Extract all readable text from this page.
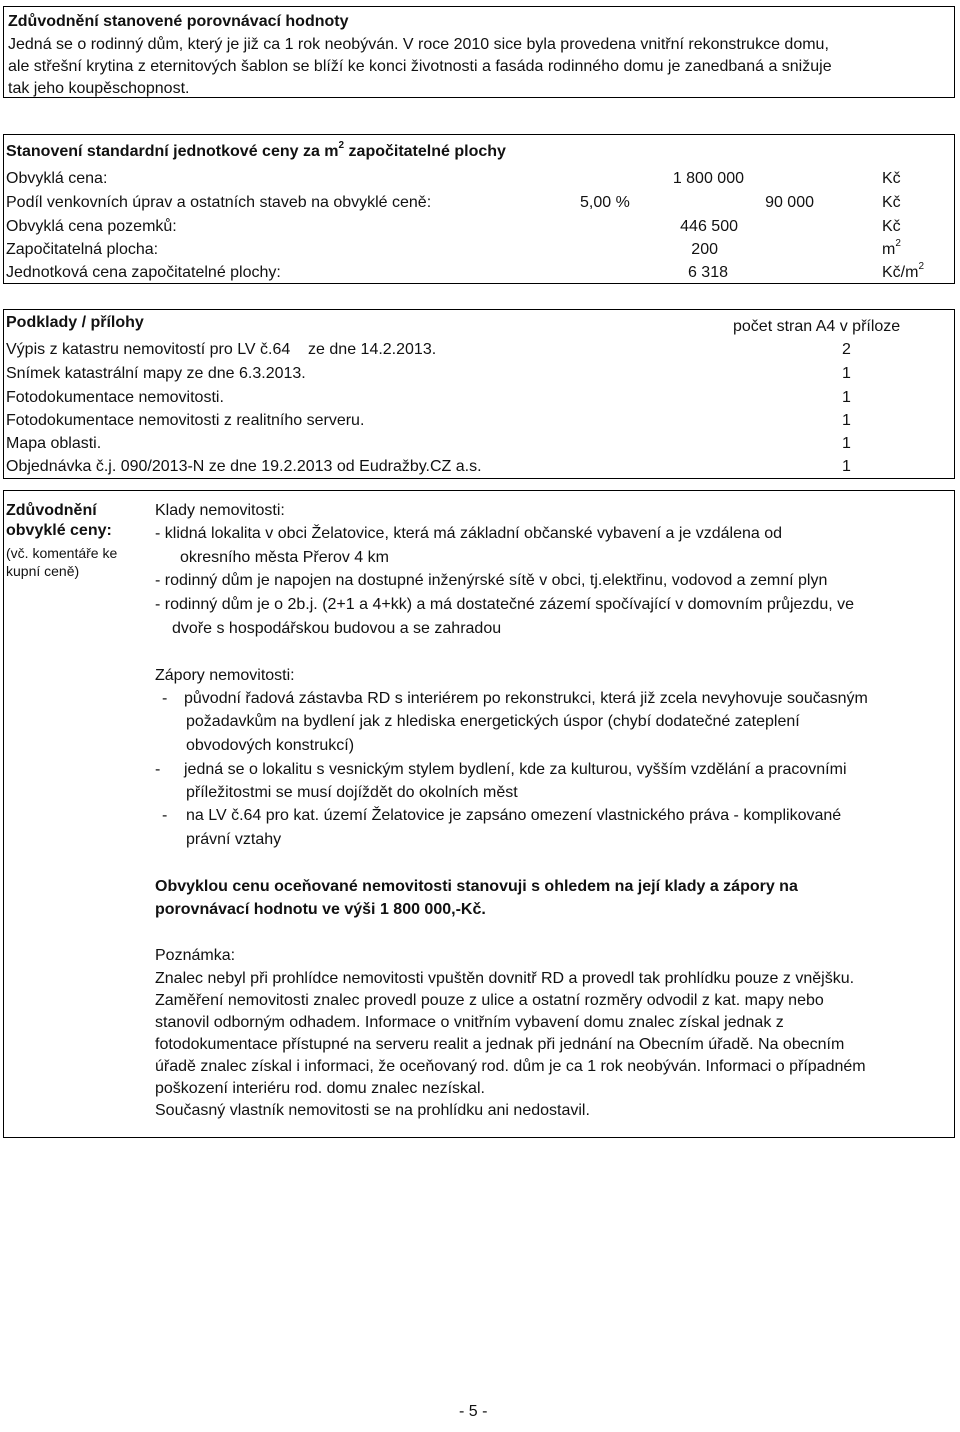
Zdůvodnění stanovené porovnávací hodnoty
Jedná se o rodinný dům, který je již ca 1 rok neobýván. V roce 2010 sice byla provedena vnitřní rekonstrukce domu,
ale střešní krytina z eternitových šablon se blíží ke konci životnosti a fasáda rodinného domu je zanedbaná a snižuje
tak jeho koupěschopnost.
Stanovení standardní jednotkové ceny za $m^2$ započitatelné plochy
Obvyklá cena:	1 800 000	Kč
Podíl venkovních úprav a ostatních staveb na obvyklé ceně:	5,00 %	90 000	Kč
Obvyklá cena pozemků:	446 500	Kč
Započitatelná plocha:	200	$m^2$
Jednotková cena započitatelné plochy:	6 318	$Kč/m^2$
Podklady / přílohy	počet stran A4 v příloze
Výpis z katastru nemovitostí pro LV č.64    ze dne 14.2.2013.	2
Snímek katastrální mapy ze dne 6.3.2013.	1
Fotodokumentace nemovitosti.	1
Fotodokumentace nemovitosti z realitního serveru.	1
Mapa oblasti.	1
Objednávka č.j. 090/2013-N ze dne 19.2.2013 od Eudražby.CZ a.s.	1
Zdůvodnění
obvyklé ceny:
(vč. komentáře ke
kupní ceně)
Klady nemovitosti:
- klidná lokalita v obci Želatovice, která má základní občanské vybavení a je vzdálena od
okresního města Přerov 4 km
- rodinný dům je napojen na dostupné inženýrské sítě v obci, tj.elektřinu, vodovod a zemní plyn
- rodinný dům je o 2b.j. (2+1 a 4+kk) a má dostatečné zázemí spočívající v domovním průjezdu, ve
dvoře s hospodářskou budovou a se zahradou
Zápory nemovitosti:
- původní řadová zástavba RD s interiérem po rekonstrukci, která již zcela nevyhovuje současným
požadavkům na bydlení jak z hlediska energetických úspor (chybí dodatečné zateplení
obvodových konstrukcí)
- jedná se o lokalitu s vesnickým stylem bydlení, kde za kulturou, vyšším vzdělání a pracovními
příležitostmi se musí dojíždět do okolních měst
- na LV č.64 pro kat. území Želatovice je zapsáno omezení vlastnického práva - komplikované
právní vztahy
Obvyklou cenu oceňované nemovitosti stanovuji s ohledem na její klady a zápory na
porovnávací hodnotu ve výši 1 800 000,-Kč.
Poznámka:
Znalec nebyl při prohlídce nemovitosti vpuštěn dovnitř RD a provedl tak prohlídku pouze z vnějšku.
Zaměření nemovitosti znalec provedl pouze z ulice a ostatní rozměry odvodil z kat. mapy nebo
stanovil odborným odhadem. Informace o vnitřním vybavení domu znalec získal jednak z
fotodokumentace přístupné na serveru realit a jednak při jednání na Obecním úřadě. Na obecním
úřadě znalec získal i informaci, že oceňovaný rod. dům je ca 1 rok neobýván. Informaci o případném
poškození interiéru rod. domu znalec nezískal.
Současný vlastník nemovitosti se na prohlídku ani nedostavil.
- 5 -
